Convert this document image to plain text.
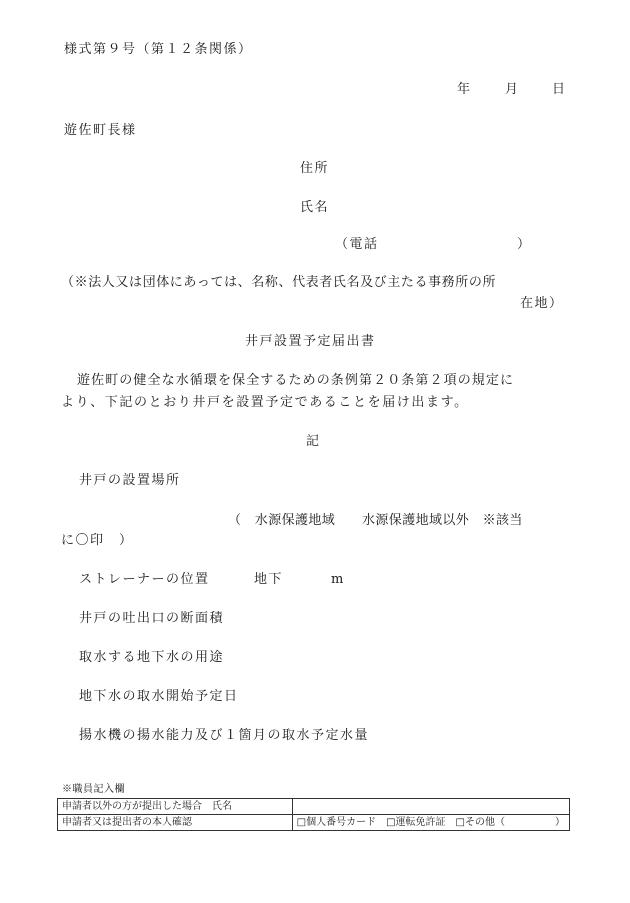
様式第９号（第１２条関係）
年	月 日
遊佐町長様
住所
氏名
（電話	）
（※法人又は団体にあっては、名称、代表者氏名及び主たる事務所の所
在地）
井戸設置予定届出書
遊佐町の健全な水循環を保全するための条例第２０条第２項の規定に
より、下記のとおり井戸を設置予定であることを届け出ます。
記
井戸の設置場所
（　水源保護地域　　水源保護地域以外　※該当
に〇印　）
ストレーナーの位置	地下	m
井戸の吐出口の断面積
取水する地下水の用途
地下水の取水開始予定日
揚水機の揚水能力及び１箇月の取水予定水量
※職員記入欄
申請者以外の方が提出した場合　氏名	
申請者又は提出者の本人確認	□個人番号カード　□運転免許証　□その他（　　　　　）
